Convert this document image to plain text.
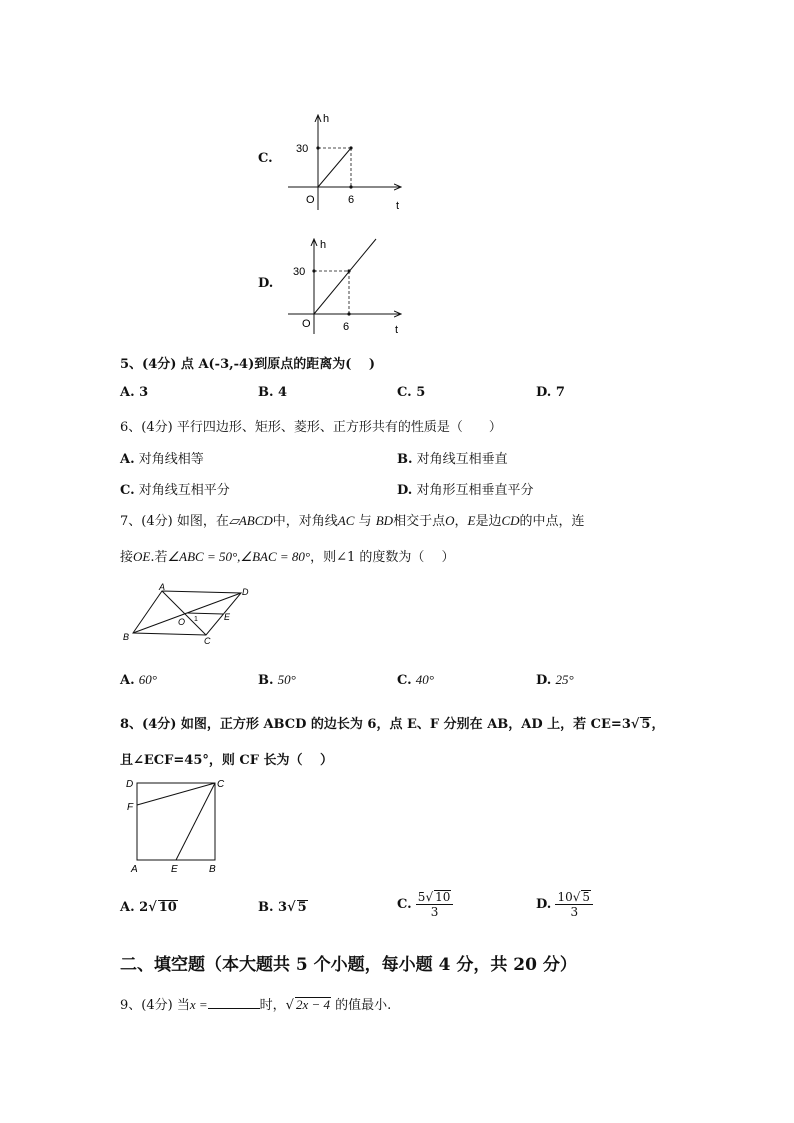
C.
h
30
O	6	t
D.
h
30
O	6	t
5、(4分) 点 A(-3,-4)到原点的距离为(　 )
A. 3	B. 4	C. 5	D. 7
6、(4分) 平行四边形、矩形、菱形、正方形共有的性质是（　　）
A. 对角线相等	B. 对角线互相垂直
C. 对角线互相平分	D. 对角形互相垂直平分
7、(4分) 如图，在▱ABCD中，对角线AC 与 BD相交于点O，E是边CD的中点，连
接OE.若∠ABC = 50°,∠BAC = 80°，则∠1 的度数为（　 ）
A	D
B	C
O	E
1
A. 60°	B. 50°	C. 40°	D. 25°
8、(4分) 如图，正方形 ABCD 的边长为 6，点 E、F 分别在 AB，AD 上，若 CE=3√ 5，
且∠ECF=45°，则 CF 长为（　 ）
D	C
F
A	E	B
A. 2√ 10	B. 3√ 5	C. $\frac{5√ 10}{3}$	D. $\frac{10√ 5}{3}$
二、填空题（本大题共 5 个小题，每小题 4 分，共 20 分）
9、(4分) 当x =	时，√ 2x − 4 的值最小.
